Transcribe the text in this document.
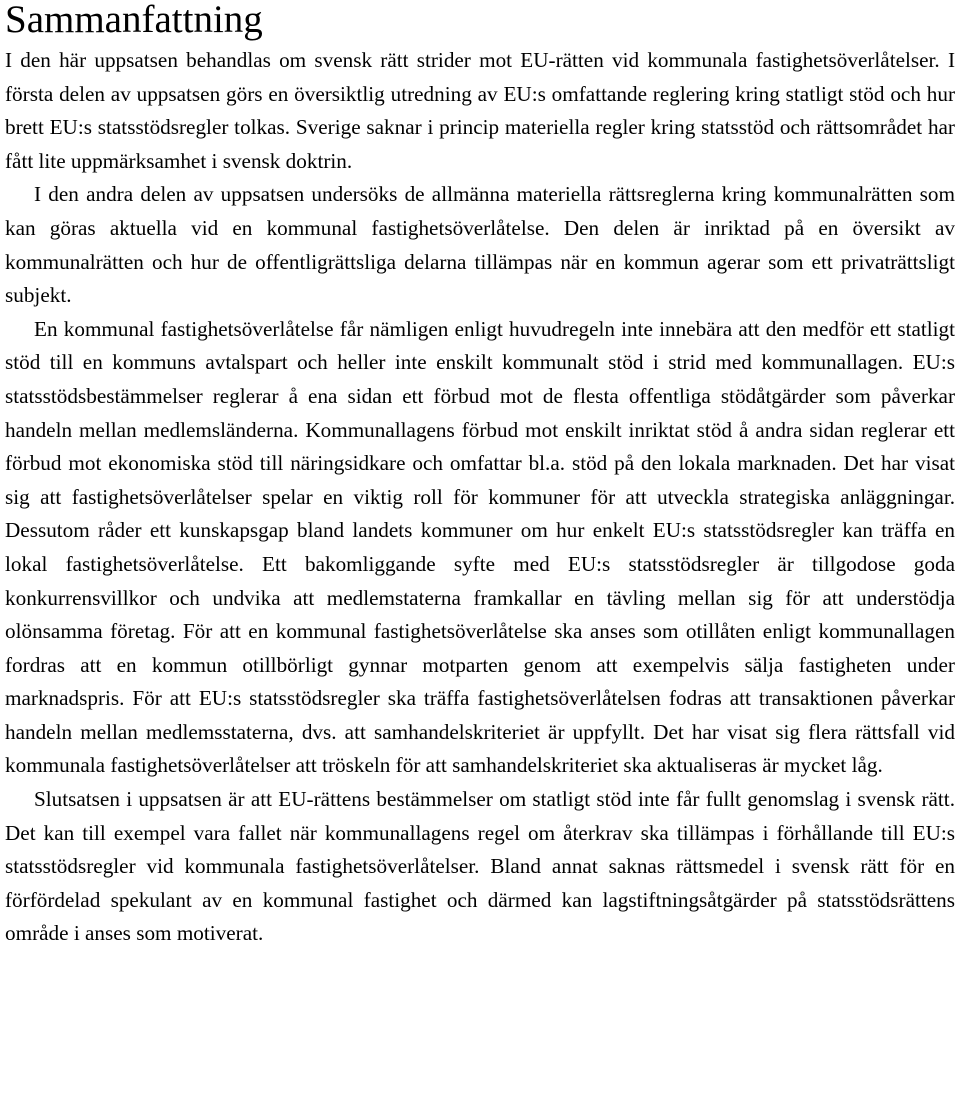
Sammanfattning

I den här uppsatsen behandlas om svensk rätt strider mot EU-rätten vid kommunala fastighetsöverlåtelser. I första delen av uppsatsen görs en översiktlig utredning av EU:s omfattande reglering kring statligt stöd och hur brett EU:s statsstödsregler tolkas. Sverige saknar i princip materiella regler kring statsstöd och rättsområdet har fått lite uppmärksamhet i svensk doktrin.

I den andra delen av uppsatsen undersöks de allmänna materiella rättsreglerna kring kommunalrätten som kan göras aktuella vid en kommunal fastighetsöverlåtelse. Den delen är inriktad på en översikt av kommunalrätten och hur de offentligrättsliga delarna tillämpas när en kommun agerar som ett privaträttsligt subjekt.

En kommunal fastighetsöverlåtelse får nämligen enligt huvudregeln inte innebära att den medför ett statligt stöd till en kommuns avtalspart och heller inte enskilt kommunalt stöd i strid med kommunallagen. EU:s statsstödsbestämmelser reglerar å ena sidan ett förbud mot de flesta offentliga stödåtgärder som påverkar handeln mellan medlemsländerna. Kommunallagens förbud mot enskilt inriktat stöd å andra sidan reglerar ett förbud mot ekonomiska stöd till näringsidkare och omfattar bl.a. stöd på den lokala marknaden. Det har visat sig att fastighetsöverlåtelser spelar en viktig roll för kommuner för att utveckla strategiska anläggningar. Dessutom råder ett kunskapsgap bland landets kommuner om hur enkelt EU:s statsstödsregler kan träffa en lokal fastighetsöverlåtelse. Ett bakomliggande syfte med EU:s statsstödsregler är tillgodose goda konkurrensvillkor och undvika att medlemstaterna framkallar en tävling mellan sig för att understödja olönsamma företag. För att en kommunal fastighetsöverlåtelse ska anses som otillåten enligt kommunallagen fordras att en kommun otillbörligt gynnar motparten genom att exempelvis sälja fastigheten under marknadspris. För att EU:s statsstödsregler ska träffa fastighetsöverlåtelsen fodras att transaktionen påverkar handeln mellan medlemsstaterna, dvs. att samhandelskriteriet är uppfyllt. Det har visat sig flera rättsfall vid kommunala fastighetsöverlåtelser att tröskeln för att samhandelskriteriet ska aktualiseras är mycket låg.

Slutsatsen i uppsatsen är att EU-rättens bestämmelser om statligt stöd inte får fullt genomslag i svensk rätt. Det kan till exempel vara fallet när kommunallagens regel om återkrav ska tillämpas i förhållande till EU:s statsstödsregler vid kommunala fastighetsöverlåtelser. Bland annat saknas rättsmedel i svensk rätt för en förfördelad spekulant av en kommunal fastighet och därmed kan lagstiftningsåtgärder på statsstödsrättens område i anses som motiverat.
